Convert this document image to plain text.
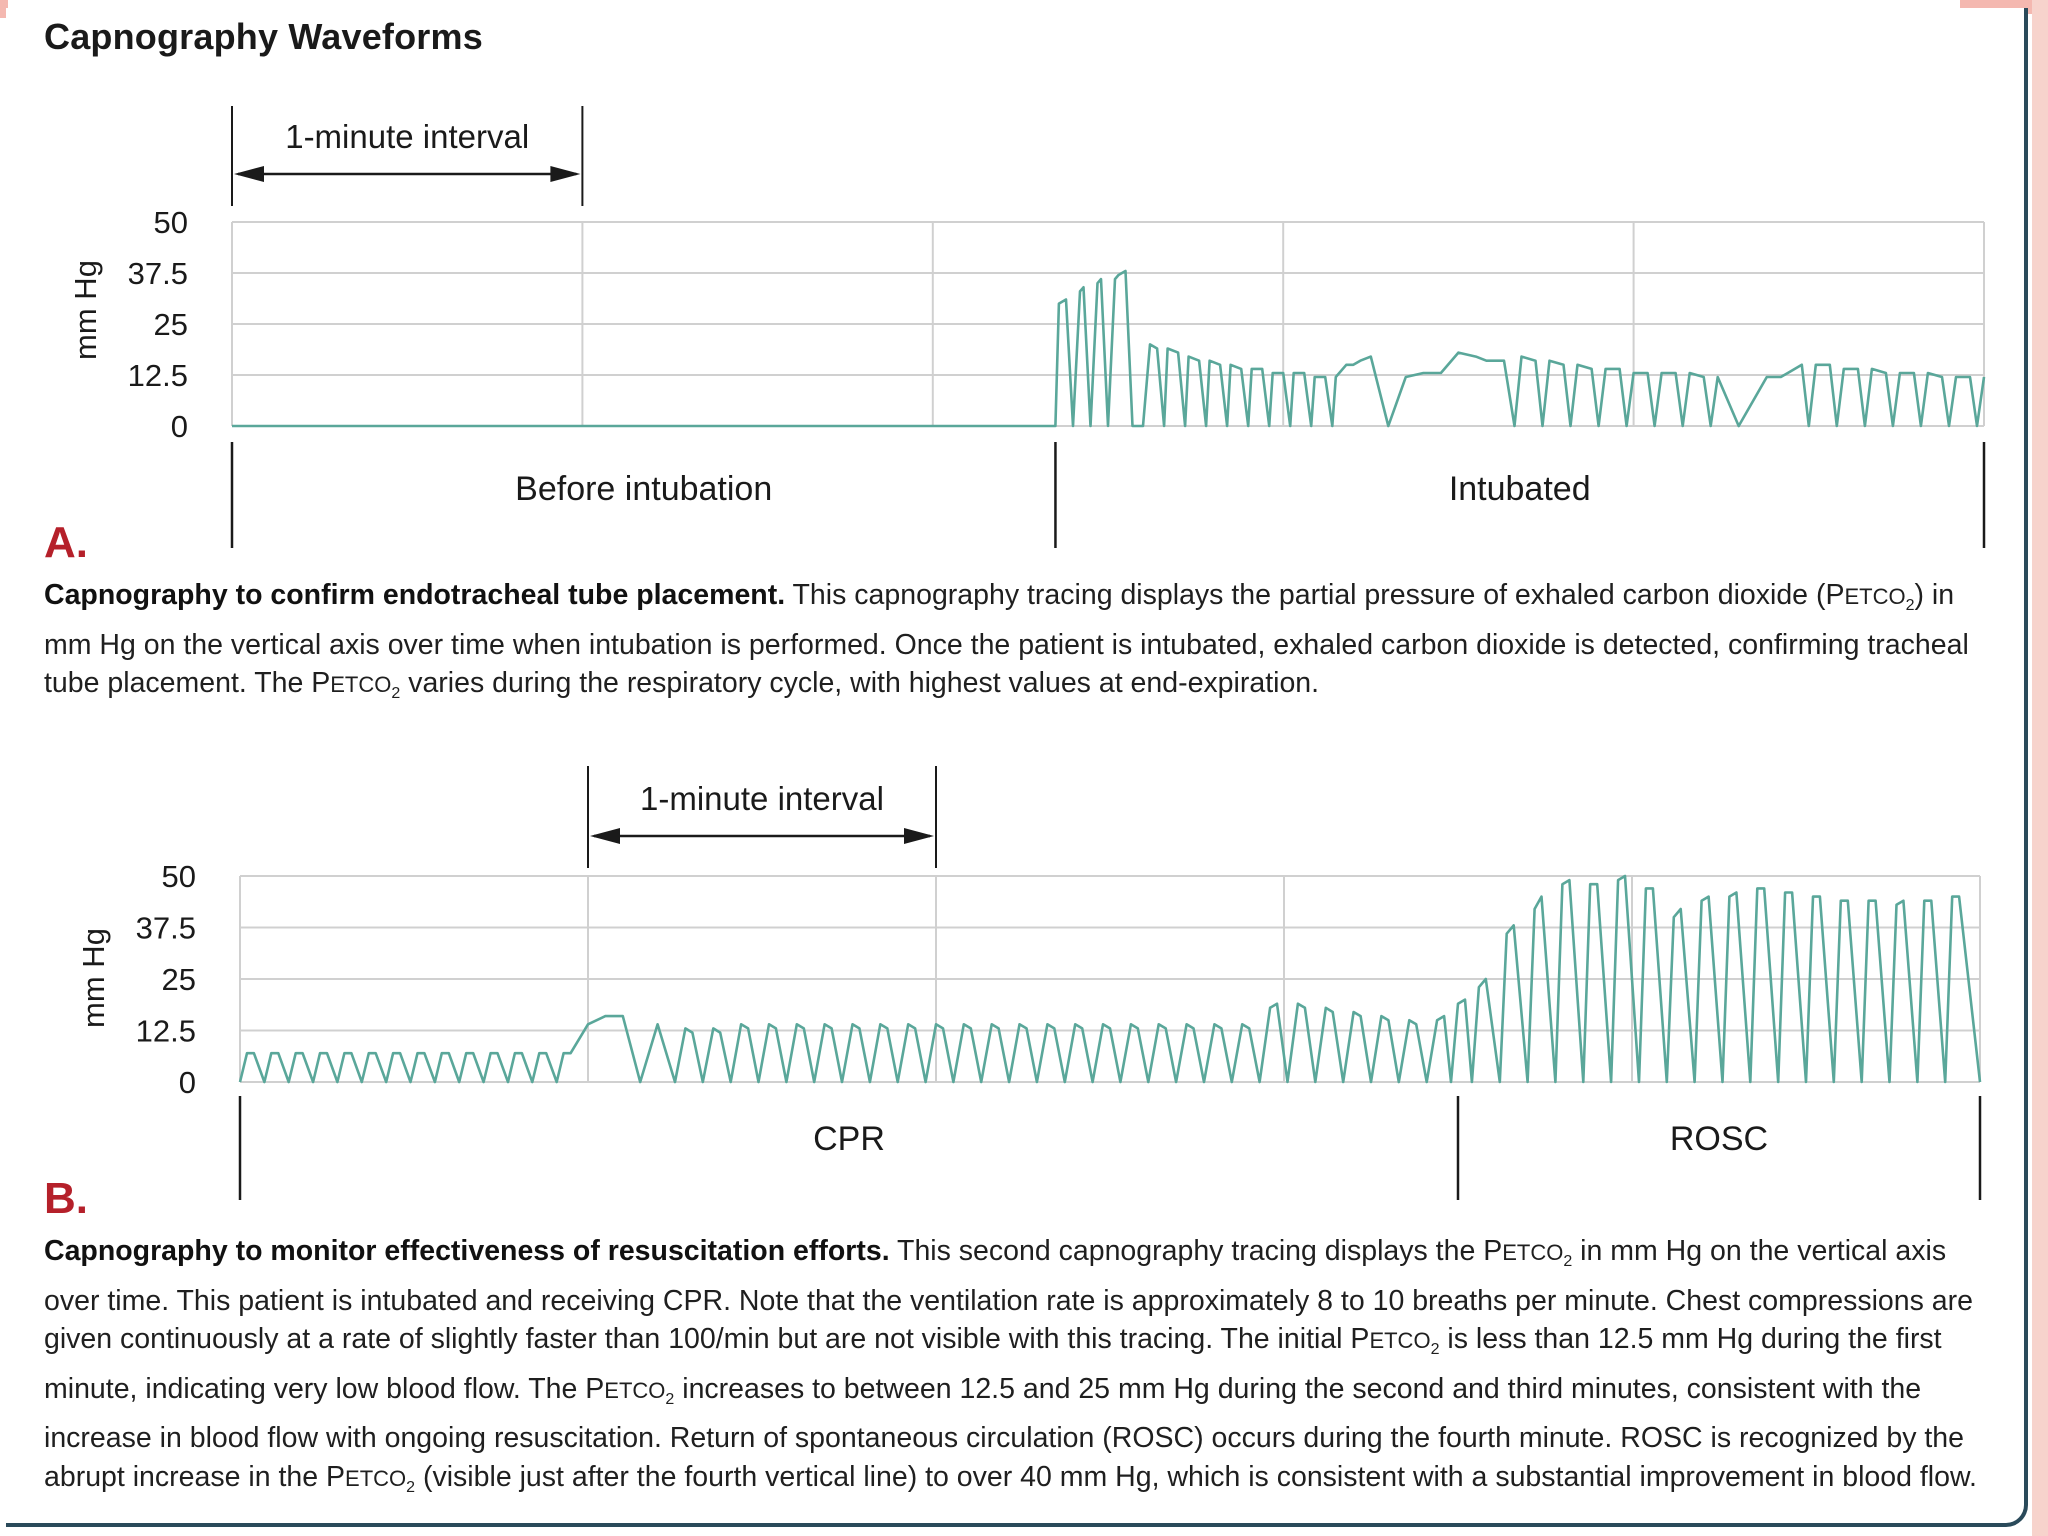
Capnography Waveforms
50
37.5
25
12.5
0
mm Hg
1-minute interval
Before intubation	Intubated
A.
Capnography to confirm endotracheal tube placement. This capnography tracing displays the partial pressure of exhaled carbon dioxide $(PETCO_2)$ in mm Hg on the vertical axis over time when intubation is performed. Once the patient is intubated, exhaled carbon dioxide is detected, confirming tracheal tube placement. The $PETCO_2$ varies during the respiratory cycle, with highest values at end-expiration.
50
37.5
25
12.5
0
mm Hg
1-minute interval
CPR	ROSC
B.
Capnography to monitor effectiveness of resuscitation efforts. This second capnography tracing displays the $PETCO_2$ in mm Hg on the vertical axis over time. This patient is intubated and receiving CPR. Note that the ventilation rate is approximately 8 to 10 breaths per minute. Chest compressions are given continuously at a rate of slightly faster than 100/min but are not visible with this tracing. The initial $PETCO_2$ is less than 12.5 mm Hg during the first minute, indicating very low blood flow. The $PETCO_2$ increases to between 12.5 and 25 mm Hg during the second and third minutes, consistent with the increase in blood flow with ongoing resuscitation. Return of spontaneous circulation (ROSC) occurs during the fourth minute. ROSC is recognized by the abrupt increase in the $PETCO_2$ (visible just after the fourth vertical line) to over 40 mm Hg, which is consistent with a substantial improvement in blood flow.
